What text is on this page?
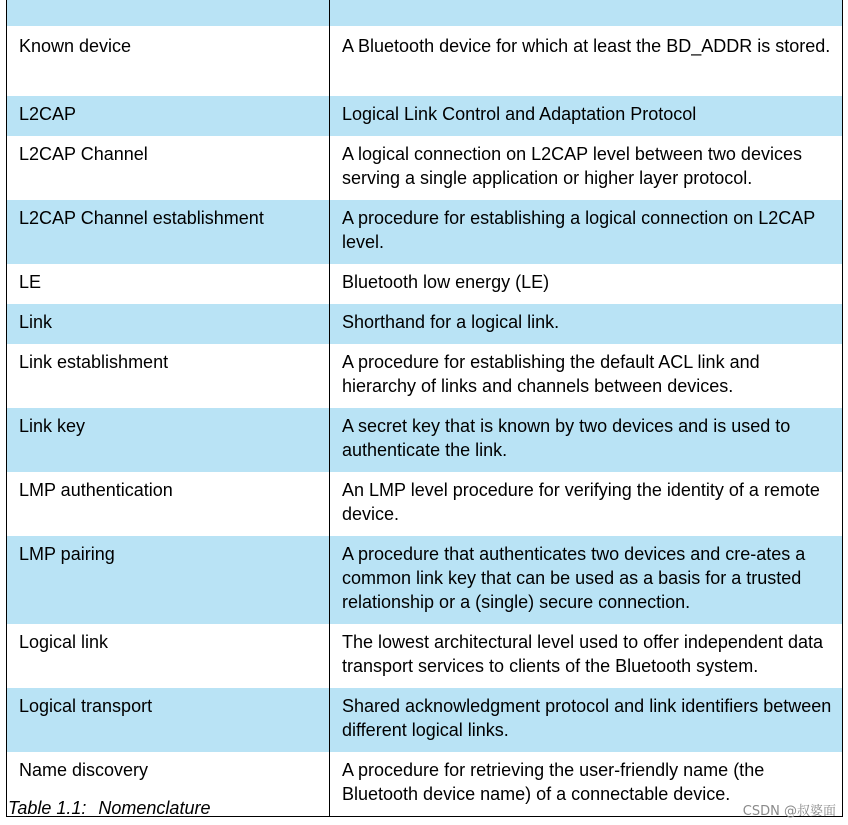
Known device	A Bluetooth device for which at least the BD_ADDR is stored.
L2CAP	Logical Link Control and Adaptation Protocol
L2CAP Channel	A logical connection on L2CAP level between two devices serving a single application or higher layer protocol.
L2CAP Channel establishment	A procedure for establishing a logical connection on L2CAP level.
LE	Bluetooth low energy (LE)
Link	Shorthand for a logical link.
Link establishment	A procedure for establishing the default ACL link and hierarchy of links and channels between devices.
Link key	A secret key that is known by two devices and is used to authenticate the link.
LMP authentication	An LMP level procedure for verifying the identity of a remote device.
LMP pairing	A procedure that authenticates two devices and cre-ates a common link key that can be used as a basis for a trusted relationship or a (single) secure connection.
Logical link	The lowest architectural level used to offer independent data transport services to clients of the Bluetooth system.
Logical transport	Shared acknowledgment protocol and link identifiers between different logical links.
Name discovery	A procedure for retrieving the user-friendly name (the Bluetooth device name) of a connectable device.
Table 1.1: Nomenclature	CSDN @叔婆面
